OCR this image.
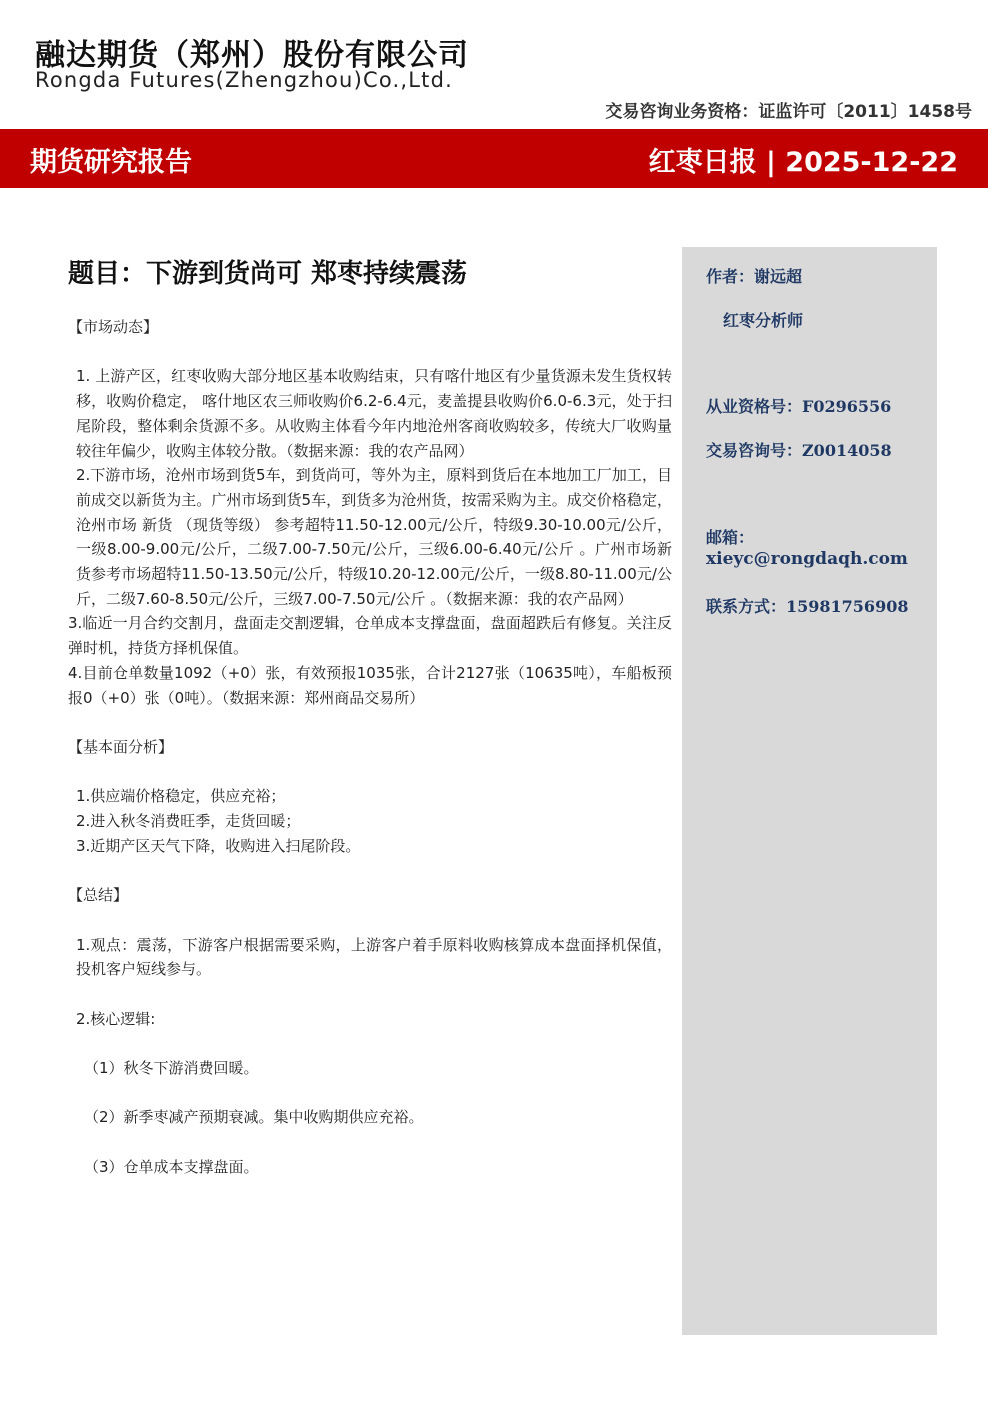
融达期货（郑州）股份有限公司
Rongda Futures(Zhengzhou)Co.,Ltd.
交易咨询业务资格：证监许可〔2011〕1458号
期货研究报告	红枣日报 | 2025-12-22
作者：谢远超
红枣分析师
从业资格号：F0296556
交易咨询号：Z0014058
邮箱：
xieyc@rongdaqh.com
联系方式：15981756908
题目：下游到货尚可 郑枣持续震荡

【市场动态】

1. 上游产区，红枣收购大部分地区基本收购结束，只有喀什地区有少量货源未发生货权转移，收购价稳定， 喀什地区农三师收购价6.2-6.4元，麦盖提县收购价6.0-6.3元，处于扫尾阶段，整体剩余货源不多。从收购主体看今年内地沧州客商收购较多，传统大厂收购量较往年偏少，收购主体较分散。（数据来源：我的农产品网）

2.下游市场，沧州市场到货5车，到货尚可，等外为主，原料到货后在本地加工厂加工，目前成交以新货为主。广州市场到货5车，到货多为沧州货，按需采购为主。成交价格稳定，沧州市场 新货 （现货等级） 参考超特11.50-12.00元/公斤，特级9.30-10.00元/公斤，一级8.00-9.00元/公斤，二级7.00-7.50元/公斤，三级6.00-6.40元/公斤 。广州市场新货参考市场超特11.50-13.50元/公斤，特级10.20-12.00元/公斤，一级8.80-11.00元/公斤，二级7.60-8.50元/公斤，三级7.00-7.50元/公斤 。（数据来源：我的农产品网）

3.临近一月合约交割月，盘面走交割逻辑，仓单成本支撑盘面，盘面超跌后有修复。关注反弹时机，持货方择机保值。

4.目前仓单数量1092（+0）张，有效预报1035张，合计2127张（10635吨），车船板预报0（+0）张（0吨）。（数据来源：郑州商品交易所）

【基本面分析】

1.供应端价格稳定，供应充裕；

2.进入秋冬消费旺季，走货回暖；

3.近期产区天气下降，收购进入扫尾阶段。

【总结】

1.观点：震荡，下游客户根据需要采购，上游客户着手原料收购核算成本盘面择机保值，投机客户短线参与。

2.核心逻辑:

（1）秋冬下游消费回暖。

（2）新季枣减产预期衰减。集中收购期供应充裕。

（3）仓单成本支撑盘面。
